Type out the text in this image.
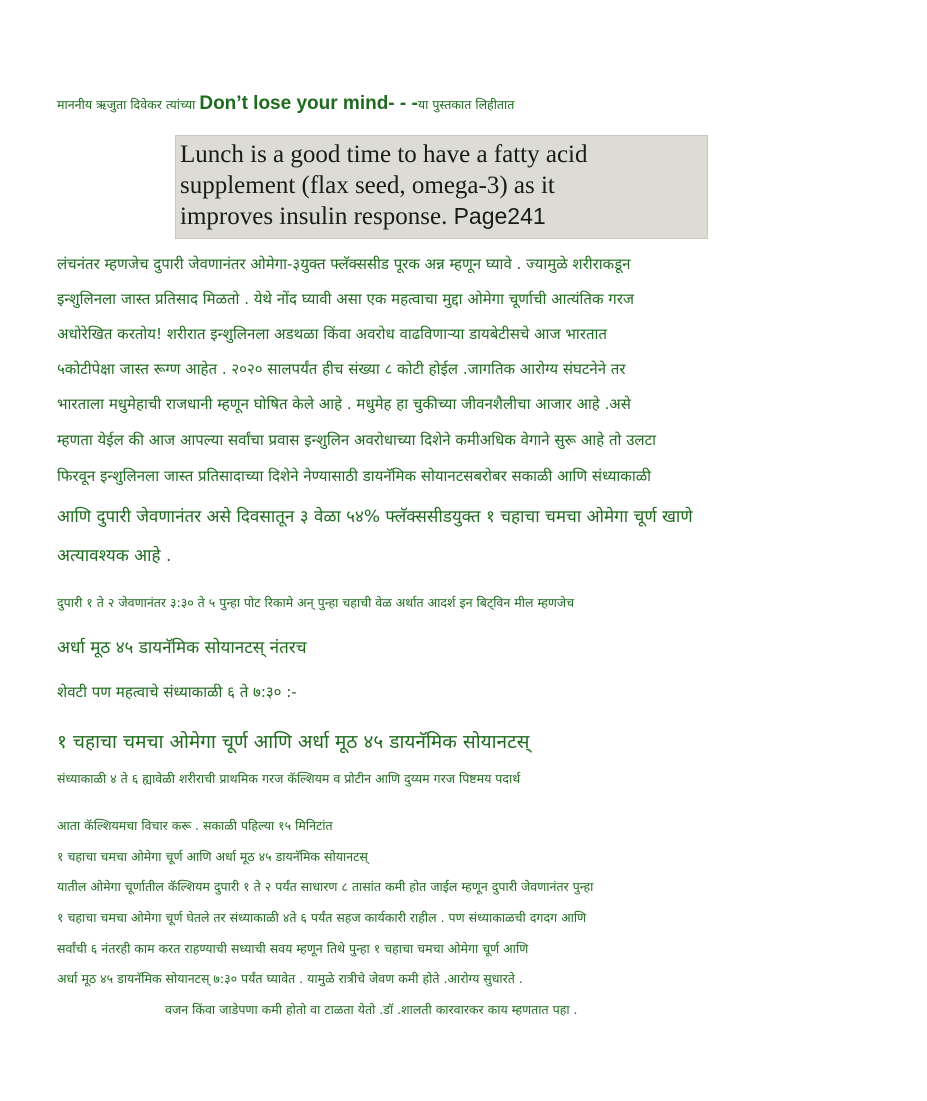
माननीय ऋजुता दिवेकर त्यांच्या Don’t lose your mind- - -या पुस्तकात लिहीतात
Lunch is a good time to have a fatty acid
supplement (flax seed, omega-3) as it
improves insulin response. Page241
लंचनंतर म्हणजेच दुपारी जेवणानंतर ओमेगा-३युक्त फ्लॅक्ससीड पूरक अन्न म्हणून घ्यावे . ज्यामुळे शरीराकडून
इन्शुलिनला जास्त प्रतिसाद मिळतो . येथे नोंद घ्यावी असा एक महत्वाचा मुद्दा ओमेगा चूर्णाची आत्यंतिक गरज
अधोरेखित करतोय! शरीरात इन्शुलिनला अडथळा किंवा अवरोध वाढविणाऱ्या डायबेटीसचे आज भारतात
५कोटीपेक्षा जास्त रूग्ण आहेत . २०२० सालपर्यंत हीच संख्या ८ कोटी होईल .जागतिक आरोग्य संघटनेने तर
भारताला मधुमेहाची राजधानी म्हणून घोषित केले आहे . मधुमेह हा चुकीच्या जीवनशैलीचा आजार आहे .असे
म्हणता येईल की आज आपल्या सर्वांचा प्रवास इन्शुलिन अवरोधाच्या दिशेने कमीअधिक वेगाने सुरू आहे तो उलटा
फिरवून इन्शुलिनला जास्त प्रतिसादाच्या दिशेने नेण्यासाठी डायनॅमिक सोयानटसबरोबर सकाळी आणि संध्याकाळी
आणि दुपारी जेवणानंतर असे दिवसातून ३ वेळा ५४% फ्लॅक्ससीडयुक्त १ चहाचा चमचा ओमेगा चूर्ण खाणे
अत्यावश्यक आहे .
दुपारी १ ते २ जेवणानंतर ३:३० ते ५ पुन्हा पोट रिकामे अन् पुन्हा चहाची वेळ अर्थात आदर्श इन बिट्विन मील म्हणजेच
अर्धा मूठ ४५ डायनॅमिक सोयानटस् नंतरच
शेवटी पण महत्वाचे संध्याकाळी ६ ते ७:३० :-
१ चहाचा चमचा ओमेगा चूर्ण आणि अर्धा मूठ ४५ डायनॅमिक सोयानटस्
संध्याकाळी ४ ते ६ ह्यावेळी शरीराची प्राथमिक गरज कॅल्शियम व प्रोटीन आणि दुय्यम गरज पिष्टमय पदार्थ
आता कॅल्शियमचा विचार करू . सकाळी पहिल्या १५ मिनिटांत
१ चहाचा चमचा ओमेगा चूर्ण आणि अर्धा मूठ ४५ डायनॅमिक सोयानटस्
यातील ओमेगा चूर्णातील कॅल्शियम दुपारी १ ते २ पर्यंत साधारण ८ तासांत कमी होत जाईल म्हणून दुपारी जेवणानंतर पुन्हा
१ चहाचा चमचा ओमेगा चूर्ण घेतले तर संध्याकाळी ४ते ६ पर्यंत सहज कार्यकारी राहील . पण संध्याकाळची दगदग आणि
सर्वांची ६ नंतरही काम करत राहण्याची सध्याची सवय म्हणून तिथे पुन्हा १ चहाचा चमचा ओमेगा चूर्ण आणि
अर्धा मूठ ४५ डायनॅमिक सोयानटस् ७:३० पर्यंत घ्यावेत . यामुळे रात्रीचे जेवण कमी होते .आरोग्य सुधारते .
वजन किंवा जाडेपणा कमी होतो वा टाळता येतो .डॉ .शालती कारवारकर काय म्हणतात पहा .
